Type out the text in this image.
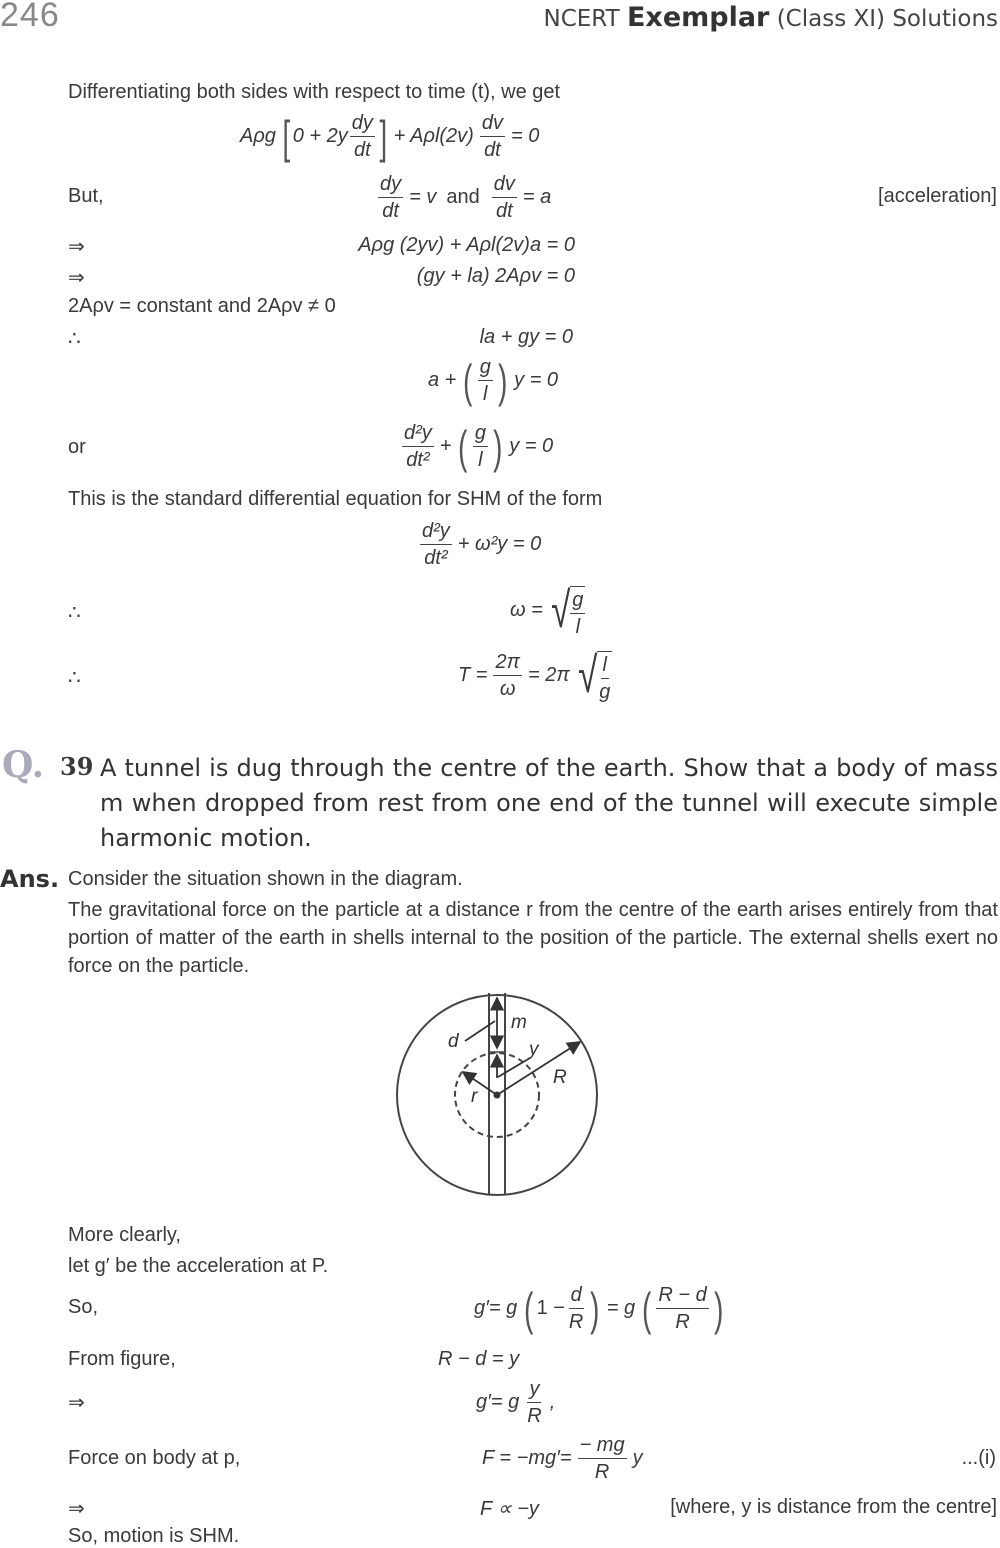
246	NCERT Exemplar (Class XI) Solutions
Differentiating both sides with respect to time (t), we get
Aρg [ $0 + 2y \frac{dy}{dt}$ ] + $A\rho l(2v) \frac{dv}{dt} = 0$
But,	$\frac{dy}{dt} = v$ and $\frac{dv}{dt} = a$	[acceleration]
⇒	Aρg (2yv) + Aρl(2v)a = 0
⇒	(gy + la) 2Aρv = 0
2Aρv = constant and 2Aρv ≠ 0
∴	la + gy = 0
a + ( $\frac{g}{l}$ ) y = 0
or	$\frac{\text{d²y}}{\text{dt²}}$ + ( $\frac{g}{l}$ ) y = 0
This is the standard differential equation for SHM of the form
$\frac{\text{d²y}}{\text{dt²}} + \omega^2y = 0$
∴	ω = √ $\frac{g}{l}$
∴	$T = \frac{2\pi}{\omega} = 2\pi$ √ $\frac{l}{g}$
Q. 39 A tunnel is dug through the centre of the earth. Show that a body of mass m when dropped from rest from one end of the tunnel will execute simple harmonic motion.
Ans. Consider the situation shown in the diagram.
The gravitational force on the particle at a distance r from the centre of the earth arises entirely from that portion of matter of the earth in shells internal to the position of the particle. The external shells exert no force on the particle.
m
d	y
R
r
More clearly,
let g′ be the acceleration at P.
So,	g′= g ( $1 - \frac{d}{R}$ ) = g ( $\frac{R - d}{R}$ )
From figure,	R − d = y
⇒	g′= g $\frac{y}{R}$ ,
Force on body at p,	$F = -mg'= \frac{- mg}{R}$ y	...(i)
⇒	F ∝ −y	[where, y is distance from the centre]
So, motion is SHM.
